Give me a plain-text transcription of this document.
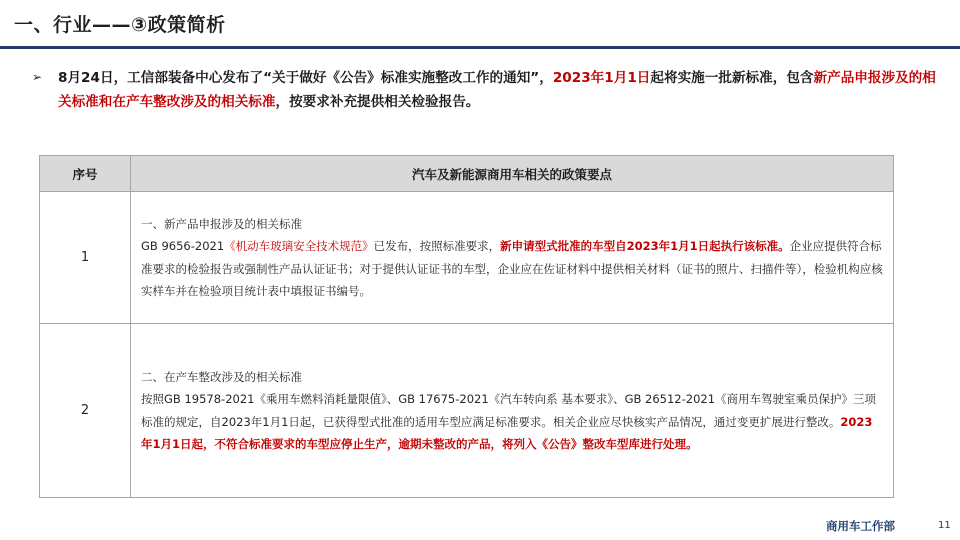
一、行业——③政策简析
➢ 8月24日，工信部装备中心发布了“关于做好《公告》标准实施整改工作的通知”，2023年1月1日起将实施一批新标准，包含新产品申报涉及的相关标准和在产车整改涉及的相关标准，按要求补充提供相关检验报告。
序号	汽车及新能源商用车相关的政策要点
1	一、新产品申报涉及的相关标准
GB 9656-2021《机动车玻璃安全技术规范》已发布，按照标准要求，新申请型式批准的车型自2023年1月1日起执行该标准。企业应提供符合标准要求的检验报告或强制性产品认证证书；对于提供认证证书的车型，企业应在佐证材料中提供相关材料（证书的照片、扫描件等），检验机构应核实样车并在检验项目统计表中填报证书编号。

2	二、在产车整改涉及的相关标准
按照GB 19578-2021《乘用车燃料消耗量限值》、GB 17675-2021《汽车转向系 基本要求》、GB 26512-2021《商用车驾驶室乘员保护》三项标准的规定，自2023年1月1日起，已获得型式批准的适用车型应满足标准要求。相关企业应尽快核实产品情况，通过变更扩展进行整改。2023年1月1日起，不符合标准要求的车型应停止生产，逾期未整改的产品，将列入《公告》整改车型库进行处理。
商用车工作部	11
